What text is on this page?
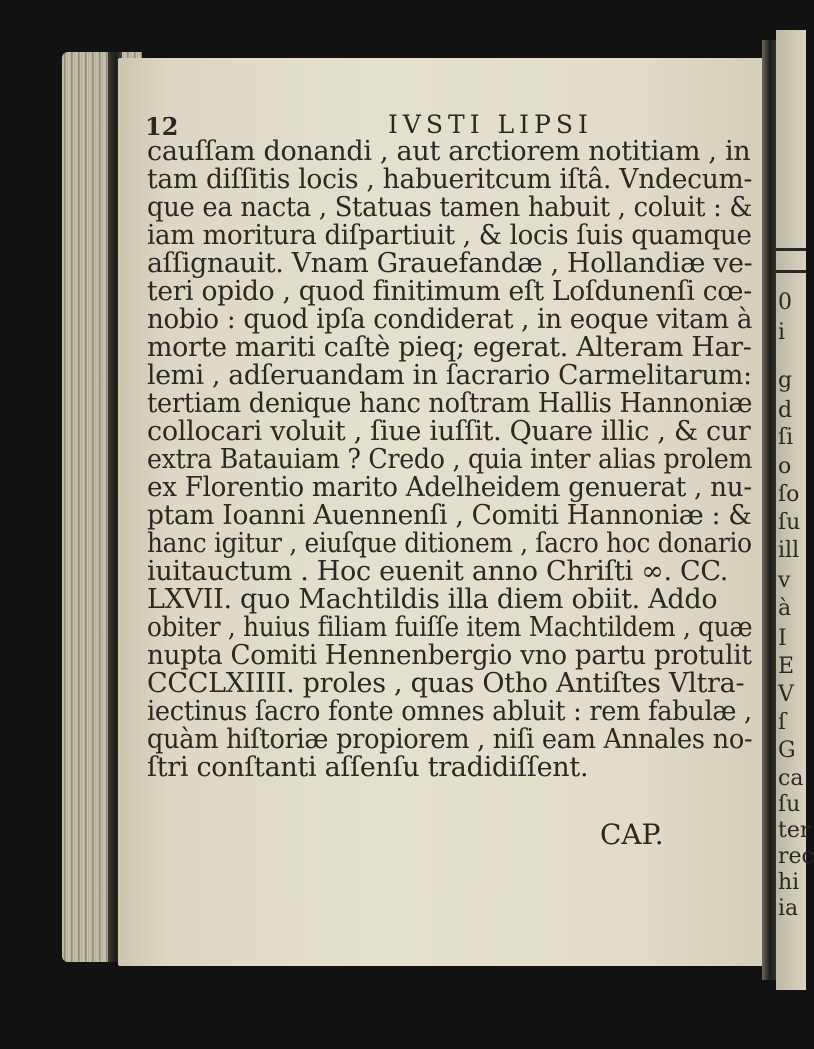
0
i
g
d
ſi
o
ſo
ſu
ill
v
à
I
E
V
ſ
G
ca
ſu
ter
rec
hi
ia
12	IVSTI LIPSI
cauſſam donandi , aut arctiorem notitiam , in
tam diſſitis locis , habueritcum iſtâ. Vndecum-
que ea nacta , Statuas tamen habuit , coluit : &
iam moritura diſpartiuit , & locis ſuis quamque
aſſignauit. Vnam Grauefandæ , Hollandiæ ve-
teri opido , quod finitimum eſt Loſdunenſi cœ-
nobio : quod ipſa condiderat , in eoque vitam à
morte mariti caſtè pieq; egerat. Alteram Har-
lemi , adſeruandam in ſacrario Carmelitarum:
tertiam denique hanc noſtram Hallis Hannoniæ
collocari voluit , ſiue iuſſit. Quare illic , & cur
extra Batauiam ? Credo , quia inter alias prolem
ex Florentio marito Adelheidem genuerat , nu-
ptam Ioanni Auennenſi , Comiti Hannoniæ : &
hanc igitur , eiuſque ditionem , ſacro hoc donario
iuitauctum . Hoc euenit anno Chriſti ∞. CC.
LXVII. quo Machtildis illa diem obiit. Addo
obiter , huius filiam fuiſſe item Machtildem , quæ
nupta Comiti Hennenbergio vno partu protulit
CCCLXIIII. proles , quas Otho Antiſtes Vltra-
iectinus ſacro fonte omnes abluit : rem fabulæ ,
quàm hiſtoriæ propiorem , niſi eam Annales no-
ſtri conſtanti aſſenſu tradidiſſent.
CAP.
